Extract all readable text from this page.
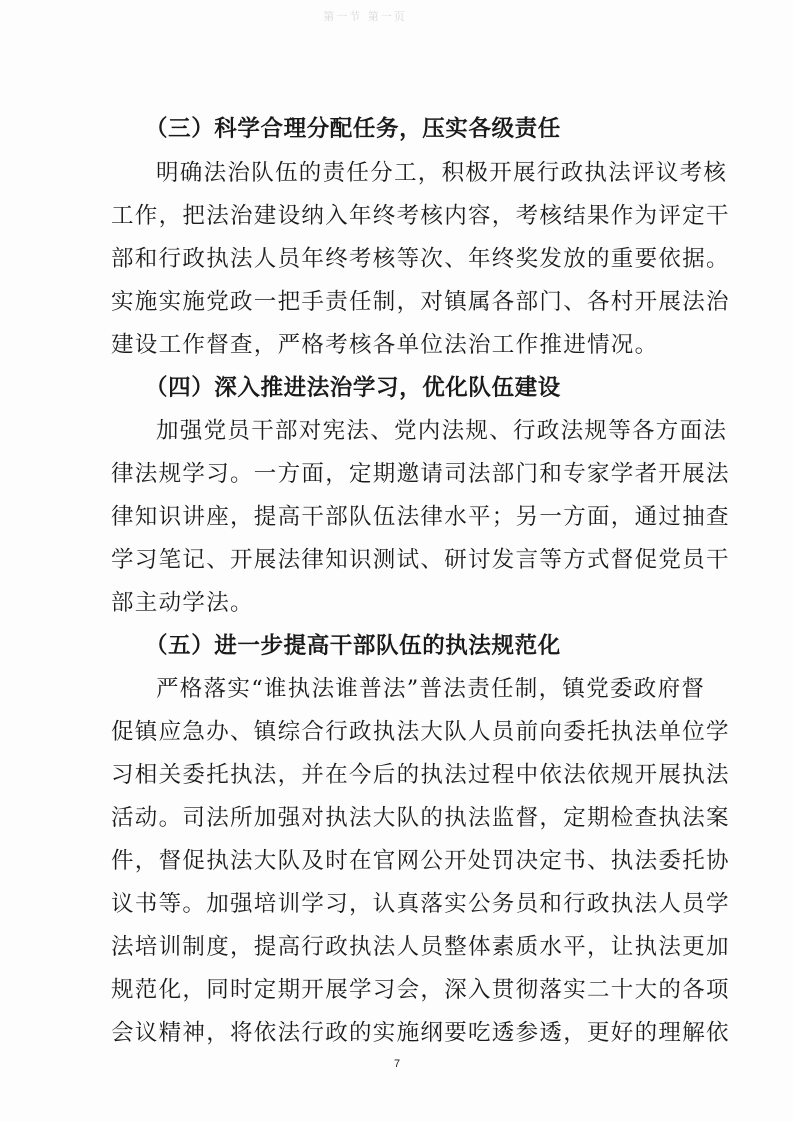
第一节 第一页
（三）科学合理分配任务，压实各级责任
明确法治队伍的责任分工，积极开展行政执法评议考核
工作，把法治建设纳入年终考核内容，考核结果作为评定干
部和行政执法人员年终考核等次、年终奖发放的重要依据。
实施实施党政一把手责任制，对镇属各部门、各村开展法治
建设工作督查，严格考核各单位法治工作推进情况。
（四）深入推进法治学习，优化队伍建设
加强党员干部对宪法、党内法规、行政法规等各方面法
律法规学习。一方面，定期邀请司法部门和专家学者开展法
律知识讲座，提高干部队伍法律水平；另一方面，通过抽查
学习笔记、开展法律知识测试、研讨发言等方式督促党员干
部主动学法。
（五）进一步提高干部队伍的执法规范化
严格落实“谁执法谁普法”普法责任制，镇党委政府督
促镇应急办、镇综合行政执法大队人员前向委托执法单位学
习相关委托执法，并在今后的执法过程中依法依规开展执法
活动。司法所加强对执法大队的执法监督，定期检查执法案
件，督促执法大队及时在官网公开处罚决定书、执法委托协
议书等。加强培训学习，认真落实公务员和行政执法人员学
法培训制度，提高行政执法人员整体素质水平，让执法更加
规范化，同时定期开展学习会，深入贯彻落实二十大的各项
会议精神，将依法行政的实施纲要吃透参透，更好的理解依
7
